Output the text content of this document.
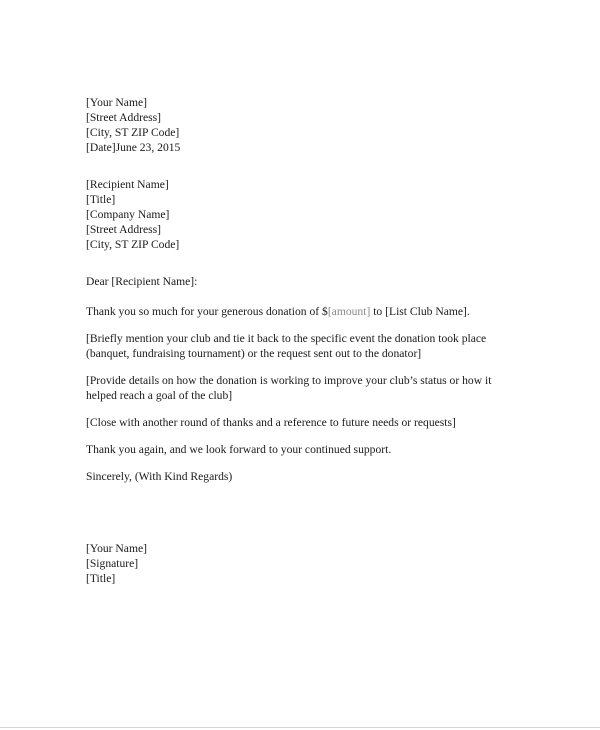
[Your Name]
[Street Address]
[City, ST ZIP Code]
[Date]June 23, 2015
[Recipient Name]
[Title]
[Company Name]
[Street Address]
[City, ST ZIP Code]
Dear [Recipient Name]:
Thank you so much for your generous donation of $[amount] to [List Club Name].
[Briefly mention your club and tie it back to the specific event the donation took place
(banquet, fundraising tournament) or the request sent out to the donator]
[Provide details on how the donation is working to improve your club’s status or how it
helped reach a goal of the club]
[Close with another round of thanks and a reference to future needs or requests]
Thank you again, and we look forward to your continued support.
Sincerely, (With Kind Regards)
[Your Name]
[Signature]
[Title]
